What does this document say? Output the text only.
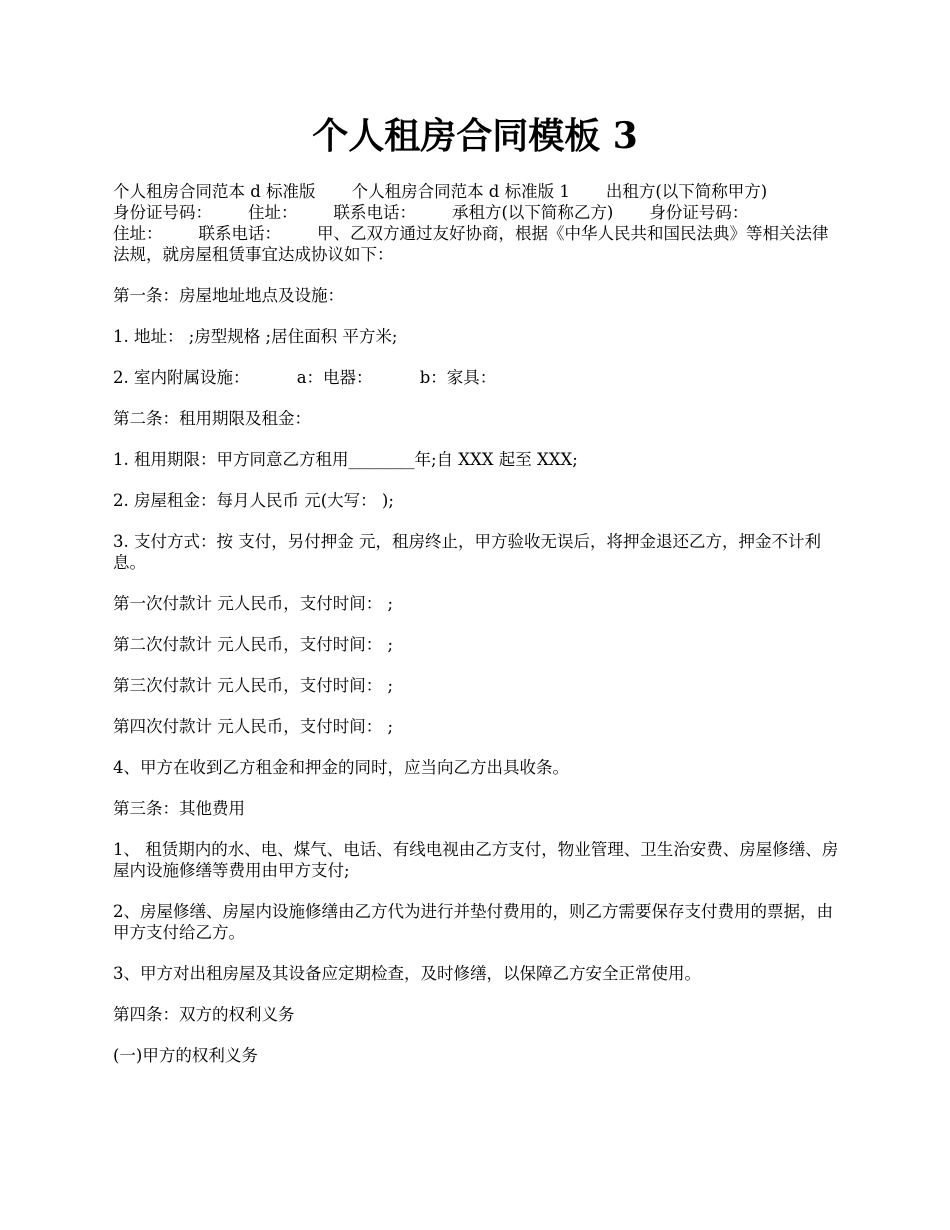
个人租房合同模板 3

个人租房合同范本 d 标准版 个人租房合同范本 d 标准版 1 出租方(以下简称甲方)
身份证号码： 住址： 联系电话： 承租方(以下简称乙方) 身份证号码：
住址： 联系电话： 甲、乙双方通过友好协商，根据《中华人民共和国民法典》等相关法律法规，就房屋租赁事宜达成协议如下：

第一条：房屋地址地点及设施：

1. 地址： ;房型规格 ;居住面积 平方米;

2. 室内附属设施：         a：电器：         b：家具：

第二条：租用期限及租金：

1. 租用期限：甲方同意乙方租用________年;自 XXX 起至 XXX;

2. 房屋租金：每月人民币 元(大写： );

3. 支付方式：按 支付，另付押金 元，租房终止，甲方验收无误后，将押金退还乙方，押金不计利息。

第一次付款计 元人民币，支付时间： ;

第二次付款计 元人民币，支付时间： ;

第三次付款计 元人民币，支付时间： ;

第四次付款计 元人民币，支付时间： ;

4、甲方在收到乙方租金和押金的同时，应当向乙方出具收条。

第三条：其他费用

1、 租赁期内的水、电、煤气、电话、有线电视由乙方支付，物业管理、卫生治安费、房屋修缮、房屋内设施修缮等费用由甲方支付;

2、房屋修缮、房屋内设施修缮由乙方代为进行并垫付费用的，则乙方需要保存支付费用的票据，由甲方支付给乙方。

3、甲方对出租房屋及其设备应定期检查，及时修缮，以保障乙方安全正常使用。

第四条：双方的权利义务

(一)甲方的权利义务
